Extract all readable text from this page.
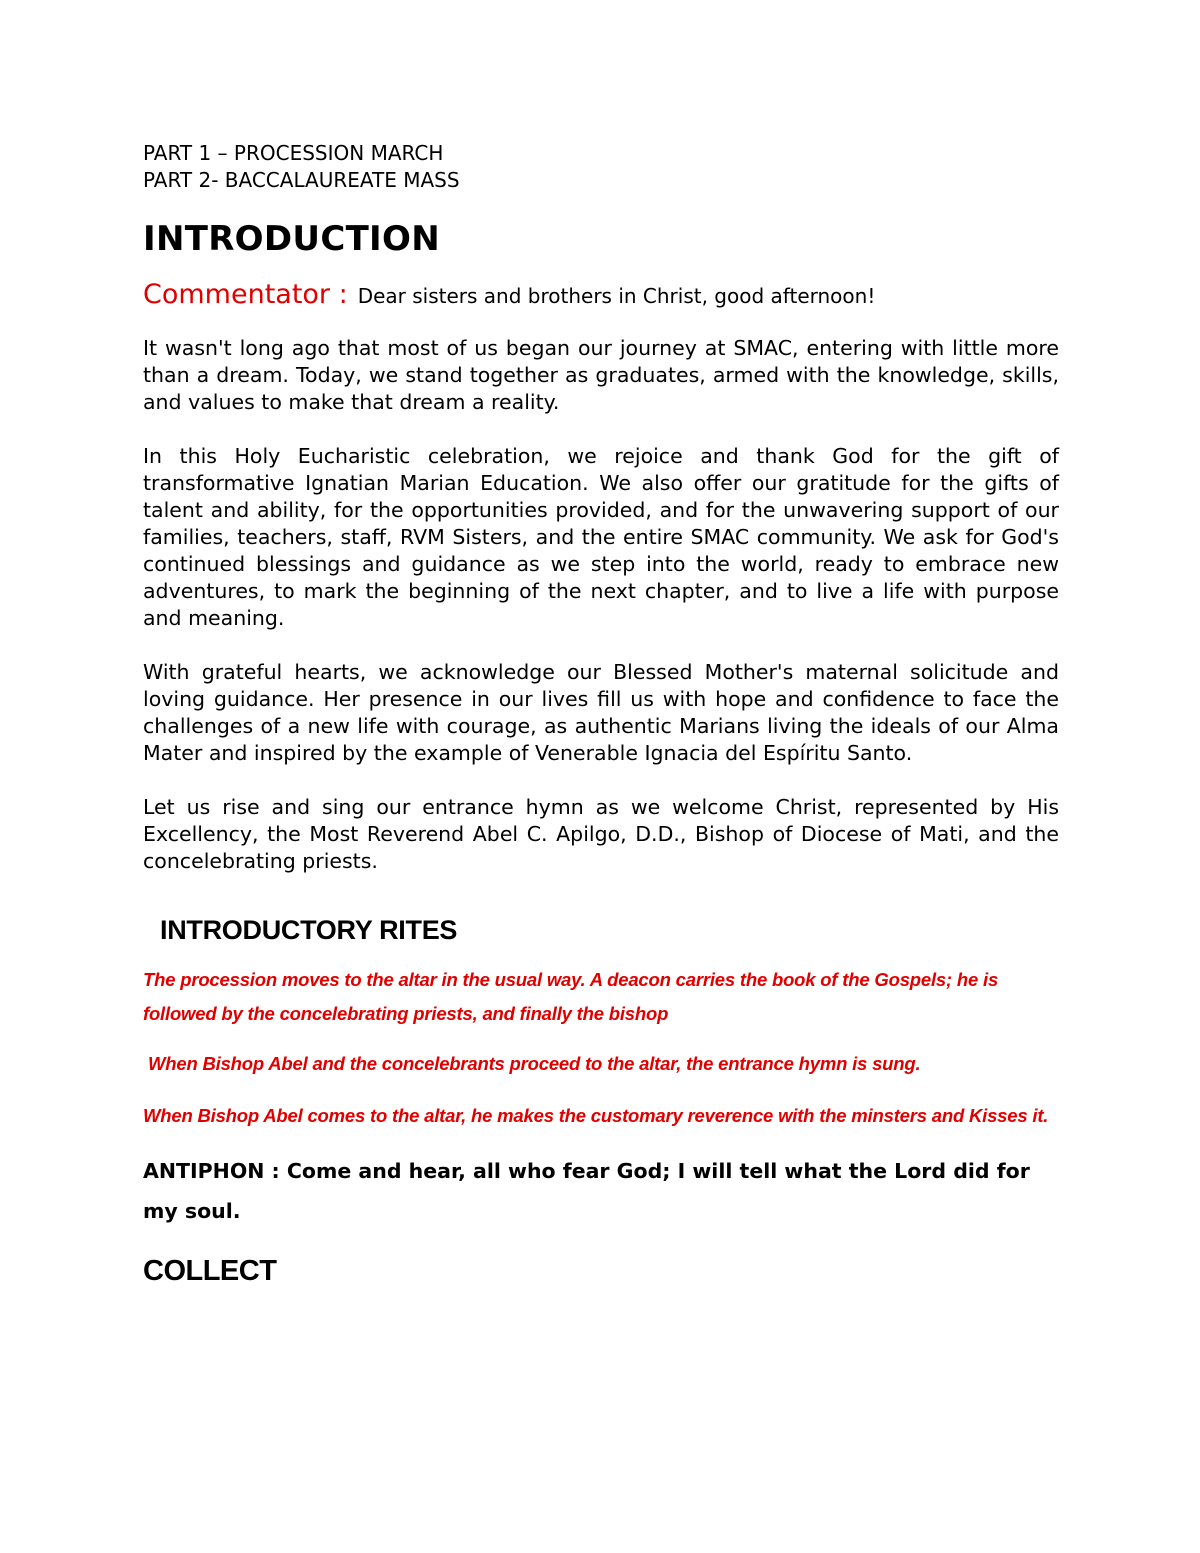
PART 1 – PROCESSION MARCH

PART 2- BACCALAUREATE MASS

INTRODUCTION

Commentator : Dear sisters and brothers in Christ, good afternoon!

It wasn't long ago that most of us began our journey at SMAC, entering with little more than a dream. Today, we stand together as graduates, armed with the knowledge, skills, and values to make that dream a reality.

In this Holy Eucharistic celebration, we rejoice and thank God for the gift of transformative Ignatian Marian Education. We also offer our gratitude for the gifts of talent and ability, for the opportunities provided, and for the unwavering support of our families, teachers, staff, RVM Sisters, and the entire SMAC community. We ask for God's continued blessings and guidance as we step into the world, ready to embrace new adventures, to mark the beginning of the next chapter, and to live a life with purpose and meaning.

With grateful hearts, we acknowledge our Blessed Mother's maternal solicitude and loving guidance. Her presence in our lives fill us with hope and confidence to face the challenges of a new life with courage, as authentic Marians living the ideals of our Alma Mater and inspired by the example of Venerable Ignacia del Espíritu Santo.

Let us rise and sing our entrance hymn as we welcome Christ, represented by His Excellency, the Most Reverend Abel C. Apilgo, D.D., Bishop of Diocese of Mati, and the concelebrating priests.

INTRODUCTORY RITES

The procession moves to the altar in the usual way. A deacon carries the book of the Gospels; he is followed by the concelebrating priests, and finally the bishop

When Bishop Abel and the concelebrants proceed to the altar, the entrance hymn is sung.

When Bishop Abel comes to the altar, he makes the customary reverence with the minsters and Kisses it.

ANTIPHON : Come and hear, all who fear God; I will tell what the Lord did for my soul.

COLLECT
